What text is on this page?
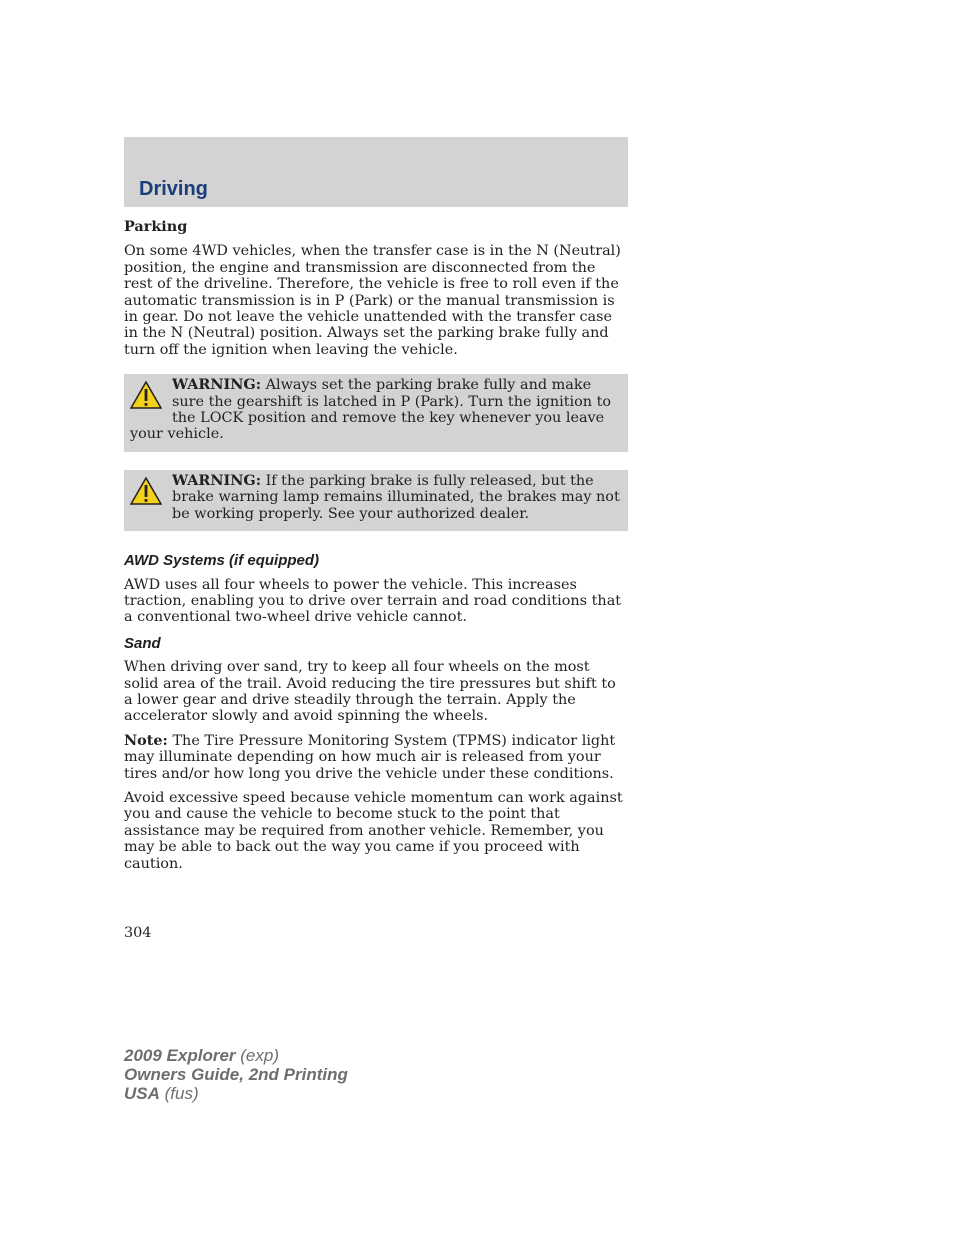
Driving
Parking

On some 4WD vehicles, when the transfer case is in the N (Neutral) position, the engine and transmission are disconnected from the rest of the driveline. Therefore, the vehicle is free to roll even if the automatic transmission is in P (Park) or the manual transmission is in gear. Do not leave the vehicle unattended with the transfer case in the N (Neutral) position. Always set the parking brake fully and turn off the ignition when leaving the vehicle.

WARNING: Always set the parking brake fully and make sure the gearshift is latched in P (Park). Turn the ignition to the LOCK position and remove the key whenever you leave your vehicle.
WARNING: If the parking brake is fully released, but the brake warning lamp remains illuminated, the brakes may not be working properly. See your authorized dealer.
AWD Systems (if equipped)

AWD uses all four wheels to power the vehicle. This increases traction, enabling you to drive over terrain and road conditions that a conventional two-wheel drive vehicle cannot.

Sand

When driving over sand, try to keep all four wheels on the most solid area of the trail. Avoid reducing the tire pressures but shift to a lower gear and drive steadily through the terrain. Apply the accelerator slowly and avoid spinning the wheels.

Note: The Tire Pressure Monitoring System (TPMS) indicator light may illuminate depending on how much air is released from your tires and/or how long you drive the vehicle under these conditions.

Avoid excessive speed because vehicle momentum can work against you and cause the vehicle to become stuck to the point that assistance may be required from another vehicle. Remember, you may be able to back out the way you came if you proceed with caution.

304
2009 Explorer (exp)
Owners Guide, 2nd Printing
USA (fus)
